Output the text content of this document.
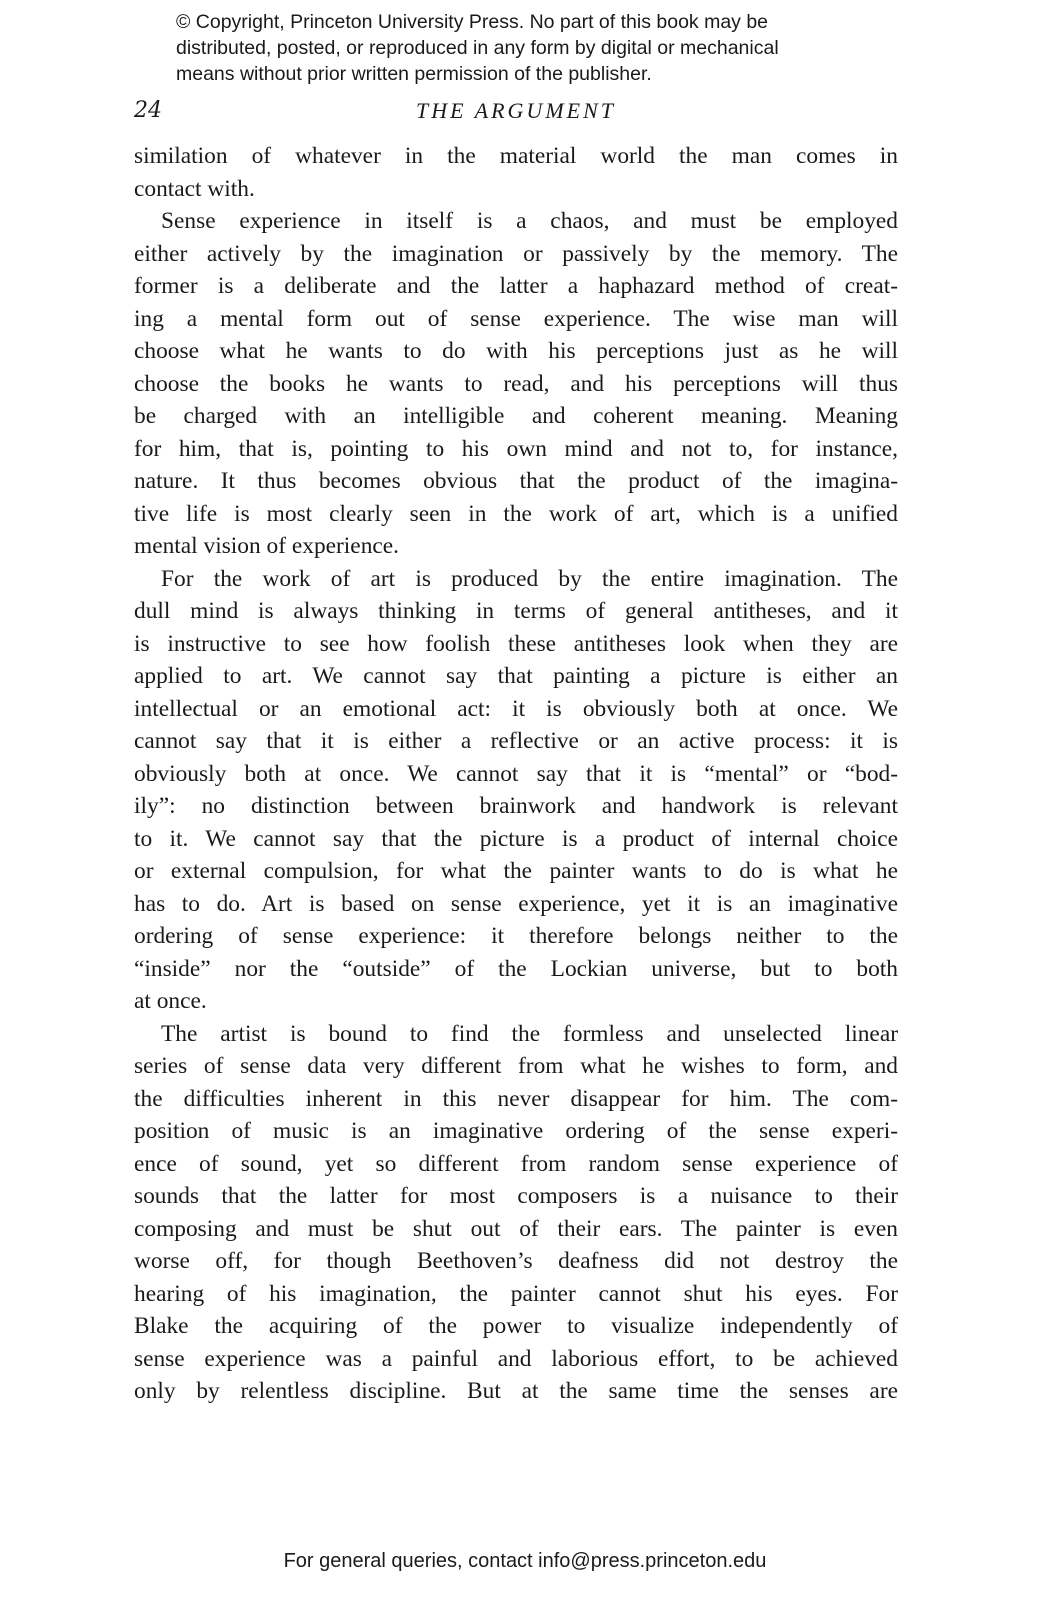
© Copyright, Princeton University Press. No part of this book may be
distributed, posted, or reproduced in any form by digital or mechanical
means without prior written permission of the publisher.
24	THE ARGUMENT
similation of whatever in the material world the man comes in
contact with.
Sense experience in itself is a chaos, and must be employed
either actively by the imagination or passively by the memory. The
former is a deliberate and the latter a haphazard method of creat-
ing a mental form out of sense experience. The wise man will
choose what he wants to do with his perceptions just as he will
choose the books he wants to read, and his perceptions will thus
be charged with an intelligible and coherent meaning. Meaning
for him, that is, pointing to his own mind and not to, for instance,
nature. It thus becomes obvious that the product of the imagina-
tive life is most clearly seen in the work of art, which is a unified
mental vision of experience.
For the work of art is produced by the entire imagination. The
dull mind is always thinking in terms of general antitheses, and it
is instructive to see how foolish these antitheses look when they are
applied to art. We cannot say that painting a picture is either an
intellectual or an emotional act: it is obviously both at once. We
cannot say that it is either a reflective or an active process: it is
obviously both at once. We cannot say that it is “mental” or “bod-
ily”: no distinction between brainwork and handwork is relevant
to it. We cannot say that the picture is a product of internal choice
or external compulsion, for what the painter wants to do is what he
has to do. Art is based on sense experience, yet it is an imaginative
ordering of sense experience: it therefore belongs neither to the
“inside” nor the “outside” of the Lockian universe, but to both
at once.
The artist is bound to find the formless and unselected linear
series of sense data very different from what he wishes to form, and
the difficulties inherent in this never disappear for him. The com-
position of music is an imaginative ordering of the sense experi-
ence of sound, yet so different from random sense experience of
sounds that the latter for most composers is a nuisance to their
composing and must be shut out of their ears. The painter is even
worse off, for though Beethoven’s deafness did not destroy the
hearing of his imagination, the painter cannot shut his eyes. For
Blake the acquiring of the power to visualize independently of
sense experience was a painful and laborious effort, to be achieved
only by relentless discipline. But at the same time the senses are
For general queries, contact info@press.princeton.edu
